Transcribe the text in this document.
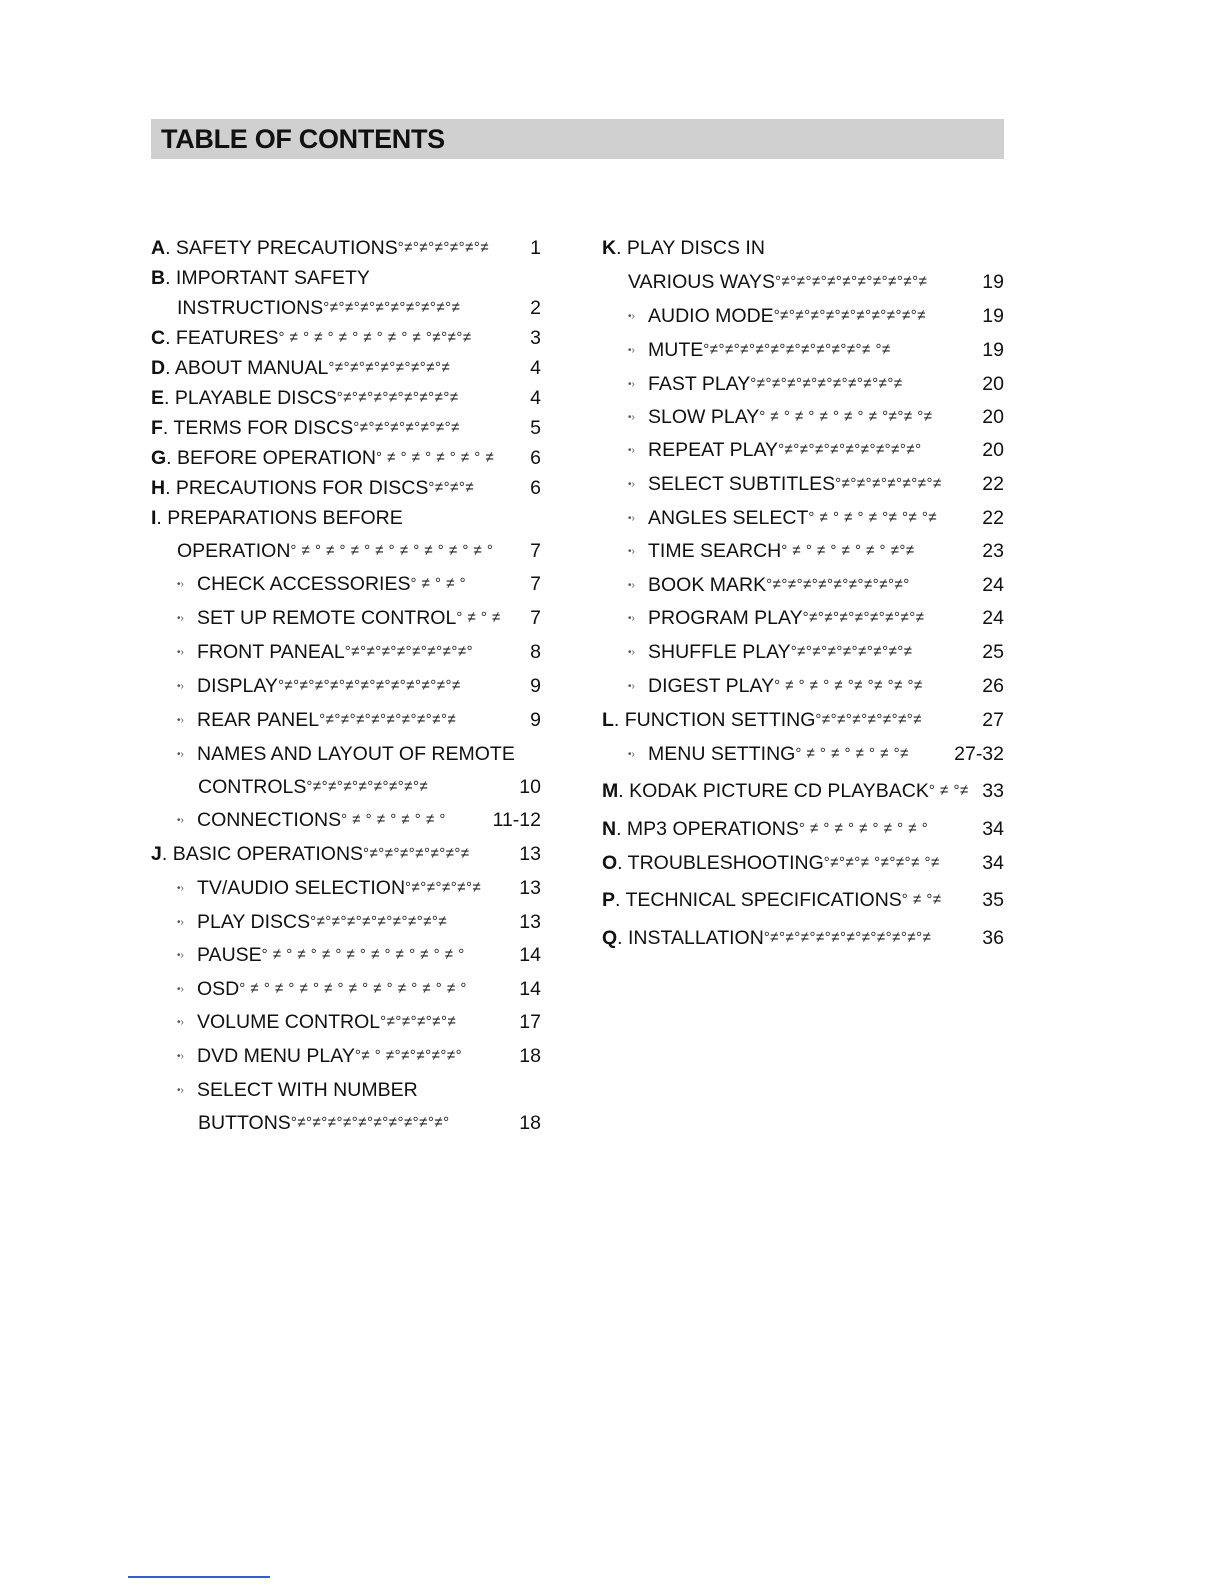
TABLE OF CONTENTS
A. SAFETY PRECAUTIONS°≠°≠°≠°≠°≠°≠ 1
B. IMPORTANT SAFETY
INSTRUCTIONS°≠°≠°≠°≠°≠°≠°≠°≠°≠	2
C. FEATURES° ≠ ° ≠ ° ≠ ° ≠ ° ≠ ° ≠ °≠°≠°≠	3
D. ABOUT MANUAL°≠°≠°≠°≠°≠°≠°≠°≠	4
E. PLAYABLE DISCS°≠°≠°≠°≠°≠°≠°≠°≠	4
F. TERMS FOR DISCS°≠°≠°≠°≠°≠°≠°≠	5
G. BEFORE OPERATION° ≠ ° ≠ ° ≠ ° ≠ ° ≠ 6
H. PRECAUTIONS FOR DISCS°≠°≠°≠	6
I. PREPARATIONS BEFORE
OPERATION° ≠ ° ≠ ° ≠ ° ≠ ° ≠ ° ≠ ° ≠ ° ≠ ° 7
•› CHECK ACCESSORIES° ≠ ° ≠ °	7
•› SET UP REMOTE CONTROL° ≠ ° ≠ 7
•› FRONT PANEAL°≠°≠°≠°≠°≠°≠°≠°≠°	8
•› DISPLAY°≠°≠°≠°≠°≠°≠°≠°≠°≠°≠°≠°≠	9
•› REAR PANEL°≠°≠°≠°≠°≠°≠°≠°≠°≠	9
•› NAMES AND LAYOUT OF REMOTE
CONTROLS°≠°≠°≠°≠°≠°≠°≠°≠	10
•› CONNECTIONS° ≠ ° ≠ ° ≠ ° ≠ ° 11-12
J. BASIC OPERATIONS°≠°≠°≠°≠°≠°≠°≠	13
•› TV/AUDIO SELECTION°≠°≠°≠°≠°≠ 13
•› PLAY DISCS°≠°≠°≠°≠°≠°≠°≠°≠°≠	13
•› PAUSE° ≠ ° ≠ ° ≠ ° ≠ ° ≠ ° ≠ ° ≠ ° ≠ °	14
•› OSD° ≠ ° ≠ ° ≠ ° ≠ ° ≠ ° ≠ ° ≠ ° ≠ ° ≠ °	14
•› VOLUME CONTROL°≠°≠°≠°≠°≠	17
•› DVD MENU PLAY°≠ ° ≠°≠°≠°≠°≠°	18
•› SELECT WITH NUMBER
BUTTONS°≠°≠°≠°≠°≠°≠°≠°≠°≠°≠°	18
K. PLAY DISCS IN
VARIOUS WAYS°≠°≠°≠°≠°≠°≠°≠°≠°≠°≠	19
•› AUDIO MODE°≠°≠°≠°≠°≠°≠°≠°≠°≠°≠	19
•› MUTE°≠°≠°≠°≠°≠°≠°≠°≠°≠°≠°≠ °≠	19
•› FAST PLAY°≠°≠°≠°≠°≠°≠°≠°≠°≠°≠	20
•› SLOW PLAY° ≠ ° ≠ ° ≠ ° ≠ ° ≠ °≠°≠ °≠	20
•› REPEAT PLAY°≠°≠°≠°≠°≠°≠°≠°≠°≠°	20
•› SELECT SUBTITLES°≠°≠°≠°≠°≠°≠°≠ 22
•› ANGLES SELECT° ≠ ° ≠ ° ≠ °≠ °≠ °≠ 22
•› TIME SEARCH° ≠ ° ≠ ° ≠ ° ≠ ° ≠°≠	23
•› BOOK MARK°≠°≠°≠°≠°≠°≠°≠°≠°≠°	24
•› PROGRAM PLAY°≠°≠°≠°≠°≠°≠°≠°≠	24
•› SHUFFLE PLAY°≠°≠°≠°≠°≠°≠°≠°≠	25
•› DIGEST PLAY° ≠ ° ≠ ° ≠ °≠ °≠ °≠ °≠	26
L. FUNCTION SETTING°≠°≠°≠°≠°≠°≠°≠	27
•› MENU SETTING° ≠ ° ≠ ° ≠ ° ≠ °≠ 27-32
M. KODAK PICTURE CD PLAYBACK° ≠ °≠ 33
N. MP3 OPERATIONS° ≠ ° ≠ ° ≠ ° ≠ ° ≠ °	34
O. TROUBLESHOOTING°≠°≠°≠ °≠°≠°≠ °≠ 34
P. TECHNICAL SPECIFICATIONS° ≠ °≠ 35
Q. INSTALLATION°≠°≠°≠°≠°≠°≠°≠°≠°≠°≠°≠	36
